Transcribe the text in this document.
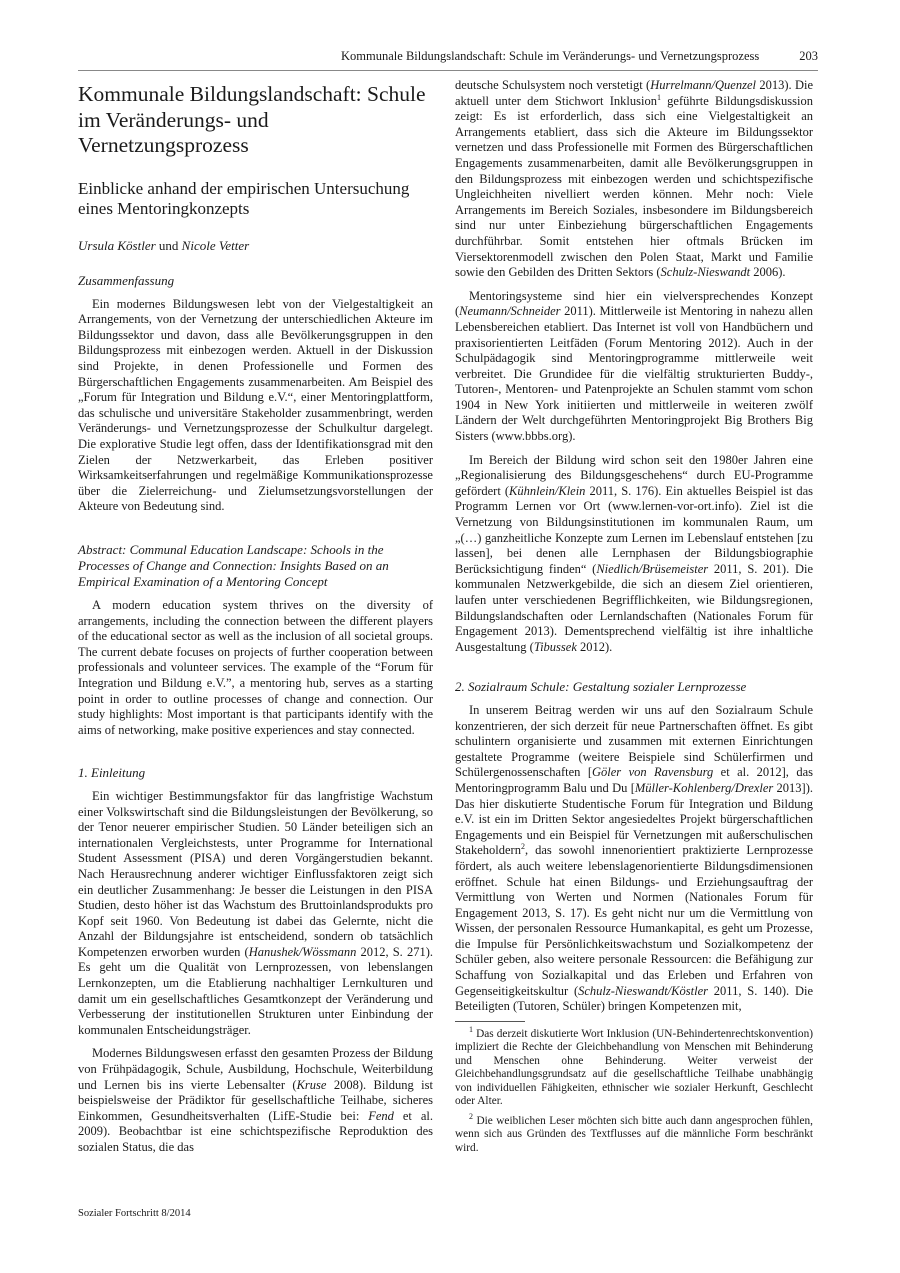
Kommunale Bildungslandschaft: Schule im Veränderungs- und Vernetzungsprozess	203
Kommunale Bildungslandschaft: Schule im Veränderungs- und Vernetzungsprozess
Einblicke anhand der empirischen Untersuchung eines Mentoringkonzepts
Ursula Köstler und Nicole Vetter
Zusammenfassung

Ein modernes Bildungswesen lebt von der Vielgestaltigkeit an Arrangements, von der Vernetzung der unterschiedlichen Akteure im Bildungssektor und davon, dass alle Bevölkerungsgruppen in den Bildungsprozess mit einbezogen werden. Aktuell in der Diskussion sind Projekte, in denen Professionelle und Formen des Bürgerschaftlichen Engagements zusammenarbeiten. Am Beispiel des „Forum für Integration und Bildung e.V.“, einer Mentoringplattform, das schulische und universitäre Stakeholder zusammenbringt, werden Veränderungs- und Vernetzungsprozesse der Schulkultur dargelegt. Die explorative Studie legt offen, dass der Identifikationsgrad mit den Zielen der Netzwerkarbeit, das Erleben positiver Wirksamkeitserfahrungen und regelmäßige Kommunikationsprozesse über die Zielerreichung- und Zielumsetzungsvorstellungen der Akteure von Bedeutung sind.

Abstract: Communal Education Landscape: Schools in the Processes of Change and Connection: Insights Based on an Empirical Examination of a Mentoring Concept

A modern education system thrives on the diversity of arrangements, including the connection between the different players of the educational sector as well as the inclusion of all societal groups. The current debate focuses on projects of further cooperation between professionals and volunteer services. The example of the “Forum für Integration und Bildung e.V.”, a mentoring hub, serves as a starting point in order to outline processes of change and connection. Our study highlights: Most important is that participants identify with the aims of networking, make positive experiences and stay connected.

1. Einleitung

Ein wichtiger Bestimmungsfaktor für das langfristige Wachstum einer Volkswirtschaft sind die Bildungsleistungen der Bevölkerung, so der Tenor neuerer empirischer Studien. 50 Länder beteiligen sich an internationalen Vergleichstests, unter Programme for International Student Assessment (PISA) und deren Vorgängerstudien bekannt. Nach Herausrechnung anderer wichtiger Einflussfaktoren zeigt sich ein deutlicher Zusammenhang: Je besser die Leistungen in den PISA Studien, desto höher ist das Wachstum des Bruttoinlandsprodukts pro Kopf seit 1960. Von Bedeutung ist dabei das Gelernte, nicht die Anzahl der Bildungsjahre ist entscheidend, sondern ob tatsächlich Kompetenzen erworben wurden (Hanushek/Wössmann 2012, S. 271). Es geht um die Qualität von Lernprozessen, von lebenslangen Lernkonzepten, um die Etablierung nachhaltiger Lernkulturen und damit um ein gesellschaftliches Gesamtkonzept der Veränderung und Verbesserung der institutionellen Strukturen unter Einbindung der kommunalen Entscheidungsträger.

Modernes Bildungswesen erfasst den gesamten Prozess der Bildung von Frühpädagogik, Schule, Ausbildung, Hochschule, Weiterbildung und Lernen bis ins vierte Lebensalter (Kruse 2008). Bildung ist beispielsweise der Prädiktor für gesellschaftliche Teilhabe, sicheres Einkommen, Gesundheitsverhalten (LifE-Studie bei: Fend et al. 2009). Beobachtbar ist eine schichtspezifische Reproduktion des sozialen Status, die das

deutsche Schulsystem noch verstetigt (Hurrelmann/Quenzel 2013). Die aktuell unter dem Stichwort Inklusion$^1$ geführte Bildungsdiskussion zeigt: Es ist erforderlich, dass sich eine Vielgestaltigkeit an Arrangements etabliert, dass sich die Akteure im Bildungssektor vernetzen und dass Professionelle mit Formen des Bürgerschaftlichen Engagements zusammenarbeiten, damit alle Bevölkerungsgruppen in den Bildungsprozess mit einbezogen werden und schichtspezifische Ungleichheiten nivelliert werden können. Mehr noch: Viele Arrangements im Bereich Soziales, insbesondere im Bildungsbereich sind nur unter Einbeziehung bürgerschaftlichen Engagements durchführbar. Somit entstehen hier oftmals Brücken im Viersektorenmodell zwischen den Polen Staat, Markt und Familie sowie den Gebilden des Dritten Sektors (Schulz-Nieswandt 2006).

Mentoringsysteme sind hier ein vielversprechendes Konzept (Neumann/Schneider 2011). Mittlerweile ist Mentoring in nahezu allen Lebensbereichen etabliert. Das Internet ist voll von Handbüchern und praxisorientierten Leitfäden (Forum Mentoring 2012). Auch in der Schulpädagogik sind Mentoringprogramme mittlerweile weit verbreitet. Die Grundidee für die vielfältig strukturierten Buddy-, Tutoren-, Mentoren- und Patenprojekte an Schulen stammt vom schon 1904 in New York initiierten und mittlerweile in weiteren zwölf Ländern der Welt durchgeführten Mentoringprojekt Big Brothers Big Sisters (www.bbbs.org).

Im Bereich der Bildung wird schon seit den 1980er Jahren eine „Regionalisierung des Bildungsgeschehens“ durch EU-Programme gefördert (Kühnlein/Klein 2011, S. 176). Ein aktuelles Beispiel ist das Programm Lernen vor Ort (www.lernen-vor-ort.info). Ziel ist die Vernetzung von Bildungsinstitutionen im kommunalen Raum, um „(…) ganzheitliche Konzepte zum Lernen im Lebenslauf entstehen [zu lassen], bei denen alle Lernphasen der Bildungsbiographie Berücksichtigung finden“ (Niedlich/Brüsemeister 2011, S. 201). Die kommunalen Netzwerkgebilde, die sich an diesem Ziel orientieren, laufen unter verschiedenen Begrifflichkeiten, wie Bildungsregionen, Bildungslandschaften oder Lernlandschaften (Nationales Forum für Engagement 2013). Dementsprechend vielfältig ist ihre inhaltliche Ausgestaltung (Tibussek 2012).

2. Sozialraum Schule: Gestaltung sozialer Lernprozesse

In unserem Beitrag werden wir uns auf den Sozialraum Schule konzentrieren, der sich derzeit für neue Partnerschaften öffnet. Es gibt schulintern organisierte und zusammen mit externen Einrichtungen gestaltete Programme (weitere Beispiele sind Schülerfirmen und Schülergenossenschaften [Göler von Ravensburg et al. 2012], das Mentoringprogramm Balu und Du [Müller-Kohlenberg/Drexler 2013]). Das hier diskutierte Studentische Forum für Integration und Bildung e.V. ist ein im Dritten Sektor angesiedeltes Projekt bürgerschaftlichen Engagements und ein Beispiel für Vernetzungen mit außerschulischen Stakeholdern$^2$, das sowohl innenorientiert praktizierte Lernprozesse fördert, als auch weitere lebenslagenorientierte Bildungsdimensionen eröffnet. Schule hat einen Bildungs- und Erziehungsauftrag der Vermittlung von Werten und Normen (Nationales Forum für Engagement 2013, S. 17). Es geht nicht nur um die Vermittlung von Wissen, der personalen Ressource Humankapital, es geht um Prozesse, die Impulse für Persönlichkeitswachstum und Sozialkompetenz der Schüler geben, also weitere personale Ressourcen: die Befähigung zur Schaffung von Sozialkapital und das Erleben und Erfahren von Gegenseitigkeitskultur (Schulz-Nieswandt/Köstler 2011, S. 140). Die Beteiligten (Tutoren, Schüler) bringen Kompetenzen mit,

$^1$ Das derzeit diskutierte Wort Inklusion (UN-Behindertenrechtskonvention) impliziert die Rechte der Gleichbehandlung von Menschen mit Behinderung und Menschen ohne Behinderung. Weiter verweist der Gleichbehandlungsgrundsatz auf die gesellschaftliche Teilhabe unabhängig von individuellen Fähigkeiten, ethnischer wie sozialer Herkunft, Geschlecht oder Alter.

$^2$ Die weiblichen Leser möchten sich bitte auch dann angesprochen fühlen, wenn sich aus Gründen des Textflusses auf die männliche Form beschränkt wird.

Sozialer Fortschritt 8/2014
